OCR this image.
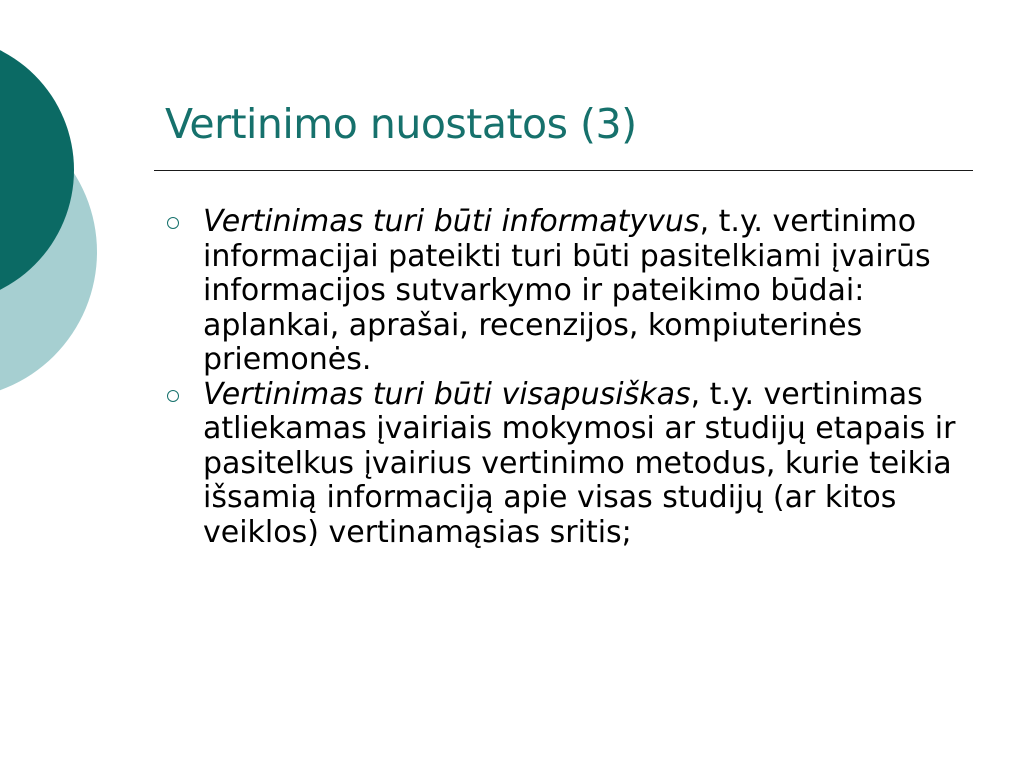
Vertinimo nuostatos (3)
Vertinimas turi būti informatyvus, t.y. vertinimo informacijai pateikti turi būti pasitelkiami įvairūs informacijos sutvarkymo ir pateikimo būdai: aplankai, aprašai, recenzijos, kompiuterinės priemonės.
Vertinimas turi būti visapusiškas, t.y. vertinimas atliekamas įvairiais mokymosi ar studijų etapais ir pasitelkus įvairius vertinimo metodus, kurie teikia išsamią informaciją apie visas studijų (ar kitos veiklos) vertinamąsias sritis;
